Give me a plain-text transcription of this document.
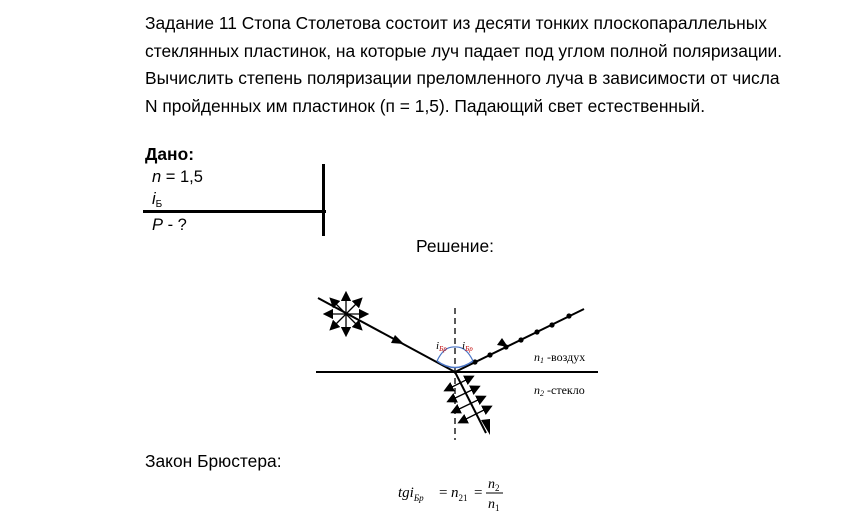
Задание 11 Стопа Столетова состоит из десяти тонких плоскопараллельных стеклянных пластинок, на которые луч падает под углом полной поляризации. Вычислить степень поляризации преломленного луча в зависимости от числа N пройденных им пластинок (п = 1,5). Падающий свет естественный.

Дано:
n = 1,5
$i_Б$
P - ?
Решение:
iБр iБр
n1 -воздух
n2 -стекло
Закон Брюстера:
$tgi_{Бр} = n_{21}$ =
$n_2$
$n_1$
